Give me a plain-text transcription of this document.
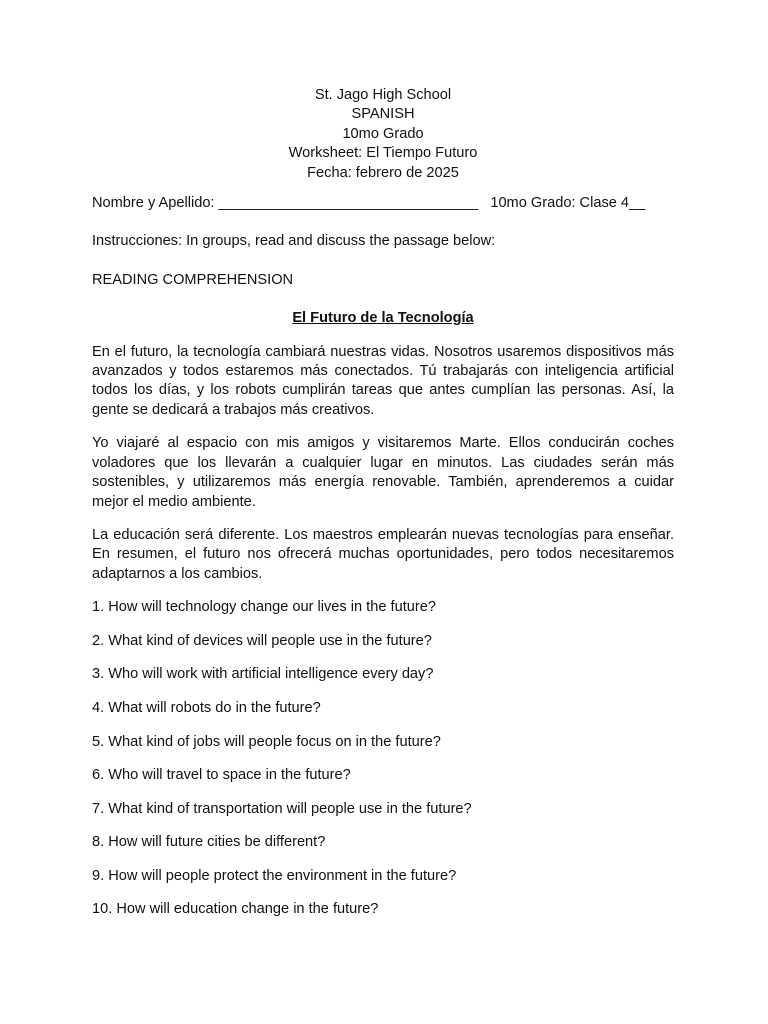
St. Jago High School
SPANISH
10mo Grado
Worksheet: El Tiempo Futuro
Fecha: febrero de 2025
Nombre y Apellido: ________________________________ 10mo Grado: Clase 4__
Instrucciones: In groups, read and discuss the passage below:
READING COMPREHENSION
El Futuro de la Tecnología

En el futuro, la tecnología cambiará nuestras vidas. Nosotros usaremos dispositivos más avanzados y todos estaremos más conectados. Tú trabajarás con inteligencia artificial todos los días, y los robots cumplirán tareas que antes cumplían las personas. Así, la gente se dedicará a trabajos más creativos.

Yo viajaré al espacio con mis amigos y visitaremos Marte. Ellos conducirán coches voladores que los llevarán a cualquier lugar en minutos. Las ciudades serán más sostenibles, y utilizaremos más energía renovable. También, aprenderemos a cuidar mejor el medio ambiente.

La educación será diferente. Los maestros emplearán nuevas tecnologías para enseñar. En resumen, el futuro nos ofrecerá muchas oportunidades, pero todos necesitaremos adaptarnos a los cambios.

1. How will technology change our lives in the future?
2. What kind of devices will people use in the future?
3. Who will work with artificial intelligence every day?
4. What will robots do in the future?
5. What kind of jobs will people focus on in the future?
6. Who will travel to space in the future?
7. What kind of transportation will people use in the future?
8. How will future cities be different?
9. How will people protect the environment in the future?
10. How will education change in the future?
